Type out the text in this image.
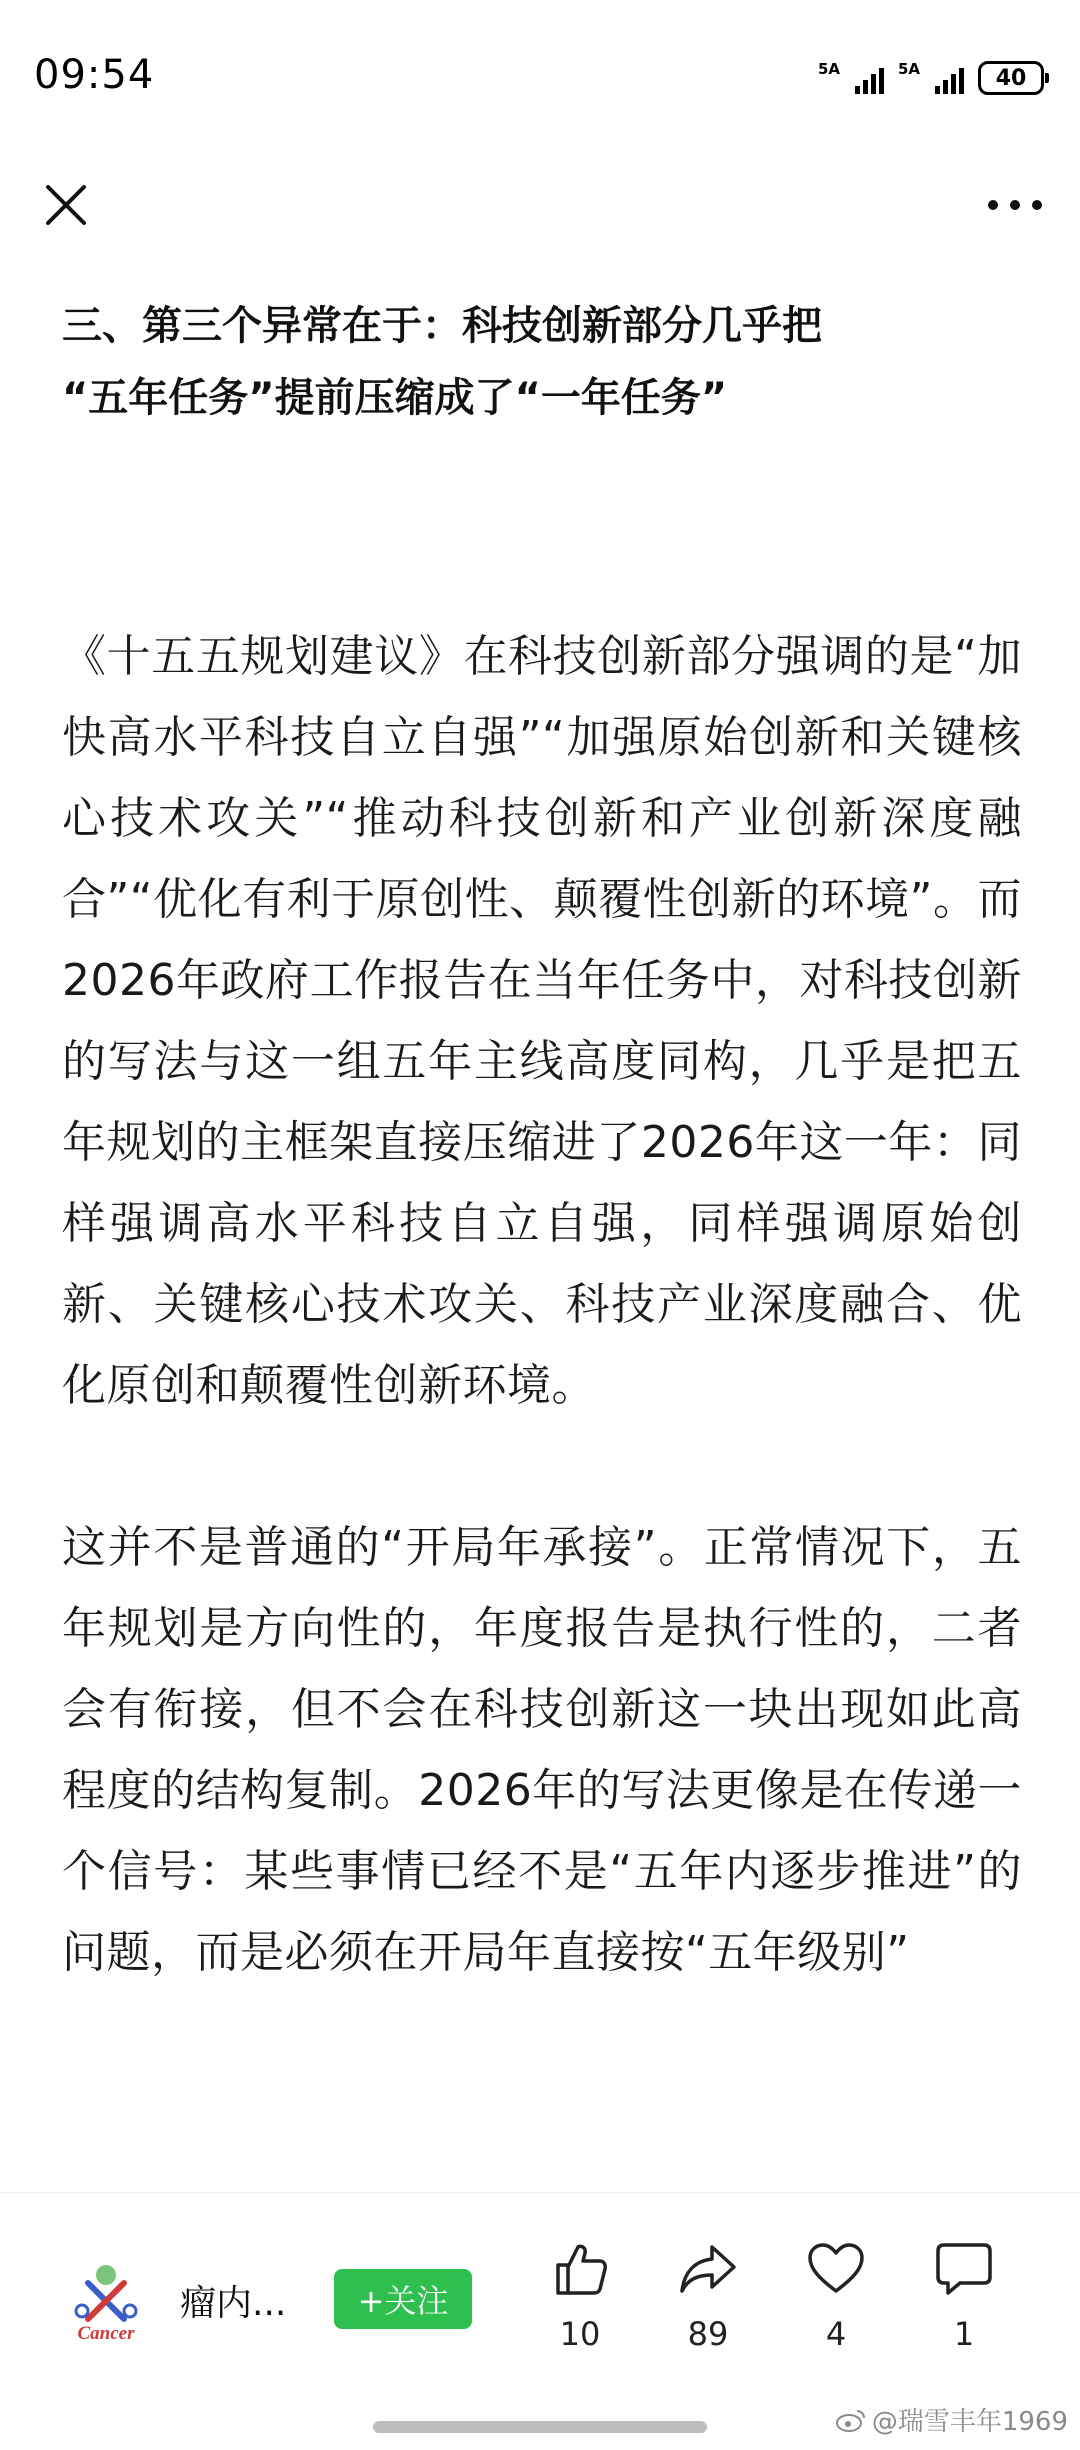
09:54	5A	5A	40
三、第三个异常在于：科技创新部分几乎把
“五年任务”提前压缩成了“一年任务”

《十五五规划建议》在科技创新部分强调的是“加快高水平科技自立自强”“加强原始创新和关键核心技术攻关”“推动科技创新和产业创新深度融合”“优化有利于原创性、颠覆性创新的环境”。而2026年政府工作报告在当年任务中，对科技创新的写法与这一组五年主线高度同构，几乎是把五年规划的主框架直接压缩进了2026年这一年：同样强调高水平科技自立自强，同样强调原始创新、关键核心技术攻关、科技产业深度融合、优化原创和颠覆性创新环境。

这并不是普通的“开局年承接”。正常情况下，五年规划是方向性的，年度报告是执行性的，二者会有衔接，但不会在科技创新这一块出现如此高程度的结构复制。2026年的写法更像是在传递一个信号：某些事情已经不是“五年内逐步推进”的问题，而是必须在开局年直接按“五年级别”

Cancer
瘤内...	+关注
10	89	4	1
@瑞雪丰年1969
